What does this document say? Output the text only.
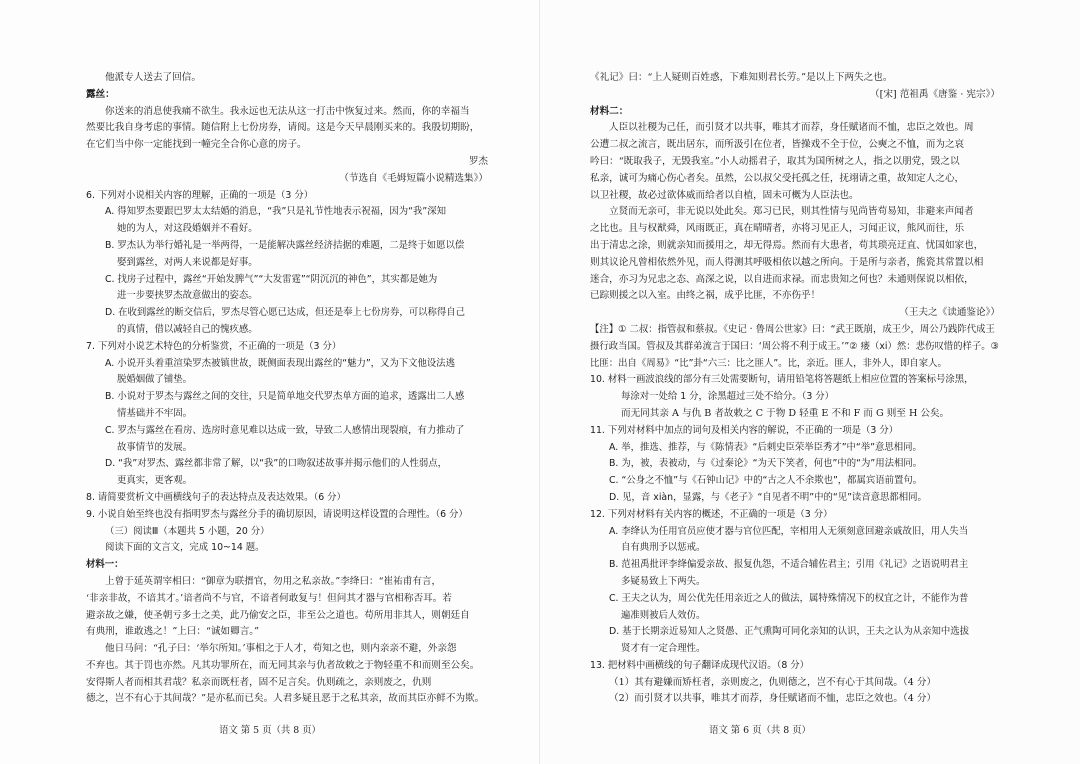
他派专人送去了回信。
露丝：
你送来的消息使我痛不欲生。我永远也无法从这一打击中恢复过来。然而，你的幸福当
然要比我自身考虑的事情。随信附上七份房券，请阅。这是今天早晨刚买来的。我殷切期盼，
在它们当中你一定能找到一幢完全合你心意的房子。
罗杰
（节选自《毛姆短篇小说精选集》）
6. 下列对小说相关内容的理解，正确的一项是（3 分）
A. 得知罗杰要跟巴罗太太结婚的消息，“我”只是礼节性地表示祝福，因为“我”深知
她的为人，对这段婚姻并不看好。
B. 罗杰认为举行婚礼是一举两得，一是能解决露丝经济拮据的难题，二是终于如愿以偿
娶到露丝，对两人来说都是好事。
C. 找房子过程中，露丝“开始发脾气”“大发雷霆”“阴沉沉的神色”，其实都是她为
进一步要挟罗杰故意做出的姿态。
D. 在收到露丝的断交信后，罗杰尽管心愿已达成，但还是奉上七份房券，可以称得自己
的真情，借以减轻自己的愧疚感。
7. 下列对小说艺术特色的分析鉴赏，不正确的一项是（3 分）
A. 小说开头着重渲染罗杰被镇世故，既侧面表现出露丝的“魅力”，又为下文他设法逃
脱婚姻做了铺垫。
B. 小说对于罗杰与露丝之间的交往，只是简单地交代罗杰单方面的追求，透露出二人感
情基础并不牢固。
C. 罗杰与露丝在看房、选房时意见难以达成一致，导致二人感情出现裂痕，有力推动了
故事情节的发展。
D. “我”对罗杰、露丝都非常了解，以“我”的口吻叙述故事并揭示他们的人性弱点，
更真实，更客观。
8. 请简要赏析文中画横线句子的表达特点及表达效果。（6 分）
9. 小说自始至终也没有指明罗杰与露丝分手的确切原因，请说明这样设置的合理性。（6 分）
（三）阅读Ⅲ（本题共 5 小题，20 分）
阅读下面的文言文，完成 10~14 题。
材料一：
上曾于延英谓宰相曰：“御章为联搢官，勿用之私亲故。”李绛曰：“崔祐甫有言，
‘非亲非故，不谙其才。’谙者尚不与官，不谙者何敢复与！但问其才器与官相称否耳。若
避亲故之嫌，使圣朝亏多士之美，此乃偷安之臣，非至公之道也。苟所用非其人，则朝廷自
有典刑，谁敢逃之！”上曰：“诚如卿言。”
他日马问：“孔子曰：‘举尔所知。’事相之于人才，苟知之也，则内亲亲不避，外亲怨
不弃也。其于罚也亦然。凡其功罪所在，而无同其亲与仇者故敕之于物轻重不和而则至公矣。
安得斯人者而相其君哉？私亲而既枉者，固不足言矣。仇则疏之，亲则废之，仇则
德之，岂不有心于其间哉？”是亦私而已矣。人君多疑且恶于之私其亲，故而其臣亦鲜不为欺。
《礼记》曰：“上人疑则百姓惑，下难知则君长劳。”是以上下两失之也。
（[宋] 范祖禹《唐鉴 · 宪宗》）
材料二：
人臣以社稷为己任，而引贤才以共事，唯其才而荐，身任赋诸而不恤，忠臣之效也。周
公遭二叔之流言，既出居东，而所汲引在位者，皆操戏不全于位，公奭之不恤，而为之哀
吟曰：“既取我子，无毁我室。”小人动摇君子，取其为国所树之人，指之以朋党，毁之以
私亲，诚可为痛心伤心者矣。虽然，公以叔父受托孤之任，抚翊请之重，故知定人之心，
以卫社稷，故必过欲体威而给者以自植，固未可概为人臣法也。
立贤而无亲可，非无说以处此矣。郑习已民，则其性情与见尚皆苟易知，非避来声闻者
之比也。且与权猷舜，风雨既正，真在晴晴者，亦将习见正人，习闻正议，熊风而往，乐
出于清忠之涂，则就亲知而援用之，却无得焉。然而有大患者，苟其琐亮迂直、忧国如家也，
则其议论凡曾相依然外见，而人得测其呼吸相依以越之所向。于是所与亲者，熊瓷其常置以相
迷合，亦习为兄忠之态、高深之说，以自进而求禄。而忠贵知之何也？未通则保说以相依，
已踪则援之以入室。由终之祸，成乎比匪，不亦伤乎！
（王夫之《读通鉴论》）
【注】① 二叔：指管叔和蔡叔。《史记 · 鲁周公世家》曰：“武王既崩，成王少，周公乃践阼代成王
摄行政当国。管叔及其群弟流言于国曰：‘周公将不利于成王。’”② 瘘（xi）然：悲伤叹惜的样子。③
比匪：出自《周易》“比”卦“六三：比之匪人”。比，亲近。匪人，非外人，即自家人。
10. 材料一画波浪线的部分有三处需要断句，请用铅笔将答题纸上相应位置的答案标号涂黑，
每涂对一处给 1 分，涂黑超过三处不给分。（3 分）
而无同其亲 A 与仇 B 者故敕之 C 于物 D 轻重 E 不和 F 而 G 则至 H 公矣。
11. 下列对材料中加点的词句及相关内容的解说，不正确的一项是（3 分）
A. 举，推选、推荐，与《陈情表》“后刺史臣荣举臣秀才”中“举”意思相同。
B. 为，被，表被动，与《过秦论》“为天下笑者，何也”中的“为”用法相同。
C. “公身之不恤”与《石钟山记》中的“古之人不余欺也”，都属宾语前置句。
D. 见，音 xiàn，显露，与《老子》“自见者不明”中的“见”读音意思都相同。
12. 下列对材料有关内容的概述，不正确的一项是（3 分）
A. 李绛认为任用官员应使才器与官位匹配，宰相用人无须刻意回避亲戚故旧，用人失当
自有典刑予以惩戒。
B. 范祖禹批评李绛偏爱亲故、报复仇怨，不适合辅佐君主；引用《礼记》之语说明君主
多疑易致上下两失。
C. 王夫之认为，周公优先任用亲近之人的做法，属特殊情况下的权宜之计，不能作为普
遍准则被后人效仿。
D. 基于长期亲近易知人之贤愚、正气熏陶可同化亲知的认识，王夫之认为从亲知中选拔
贤才有一定合理性。
13. 把材料中画横线的句子翻译成现代汉语。（8 分）
（1）其有避嫌而矫枉者，亲则废之，仇则德之，岂不有心于其间哉。（4 分）
（2）而引贤才以共事，唯其才而荐，身任赋诸而不恤，忠臣之效也。（4 分）
语文 第 5 页（共 8 页）	语文 第 6 页（共 8 页）
